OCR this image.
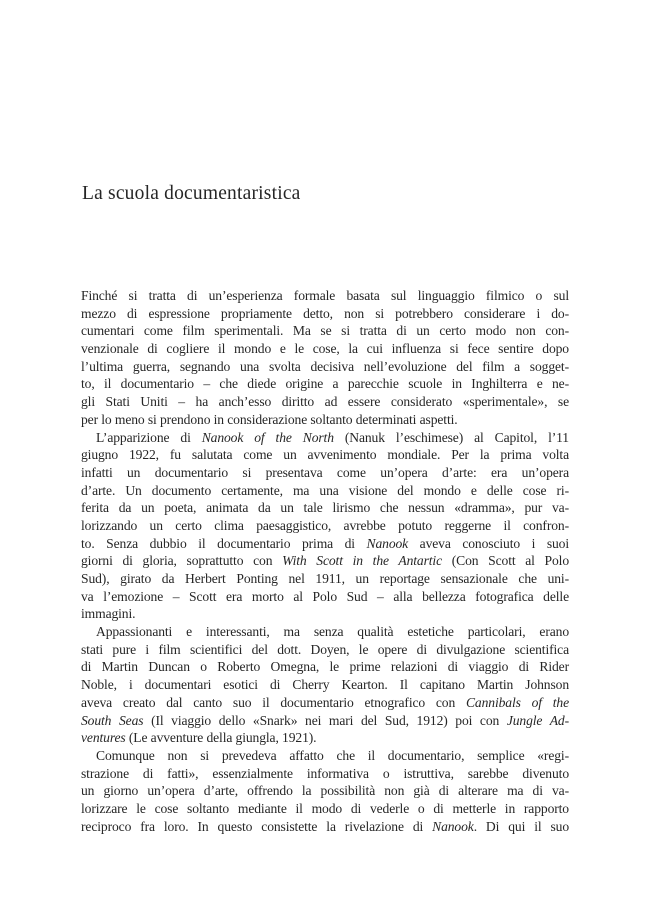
La scuola documentaristica
Finché si tratta di un’esperienza formale basata sul linguaggio filmico o sul
mezzo di espressione propriamente detto, non si potrebbero considerare i do-
cumentari come film sperimentali. Ma se si tratta di un certo modo non con-
venzionale di cogliere il mondo e le cose, la cui influenza si fece sentire dopo
l’ultima guerra, segnando una svolta decisiva nell’evoluzione del film a sogget-
to, il documentario – che diede origine a parecchie scuole in Inghilterra e ne-
gli Stati Uniti – ha anch’esso diritto ad essere considerato «sperimentale», se
per lo meno si prendono in considerazione soltanto determinati aspetti.
L’apparizione di Nanook of the North (Nanuk l’eschimese) al Capitol, l’11
giugno 1922, fu salutata come un avvenimento mondiale. Per la prima volta
infatti un documentario si presentava come un’opera d’arte: era un’opera
d’arte. Un documento certamente, ma una visione del mondo e delle cose ri-
ferita da un poeta, animata da un tale lirismo che nessun «dramma», pur va-
lorizzando un certo clima paesaggistico, avrebbe potuto reggerne il confron-
to. Senza dubbio il documentario prima di Nanook aveva conosciuto i suoi
giorni di gloria, soprattutto con With Scott in the Antartic (Con Scott al Polo
Sud), girato da Herbert Ponting nel 1911, un reportage sensazionale che uni-
va l’emozione – Scott era morto al Polo Sud – alla bellezza fotografica delle
immagini.
Appassionanti e interessanti, ma senza qualità estetiche particolari, erano
stati pure i film scientifici del dott. Doyen, le opere di divulgazione scientifica
di Martin Duncan o Roberto Omegna, le prime relazioni di viaggio di Rider
Noble, i documentari esotici di Cherry Kearton. Il capitano Martin Johnson
aveva creato dal canto suo il documentario etnografico con Cannibals of the
South Seas (Il viaggio dello «Snark» nei mari del Sud, 1912) poi con Jungle Ad-
ventures (Le avventure della giungla, 1921).
Comunque non si prevedeva affatto che il documentario, semplice «regi-
strazione di fatti», essenzialmente informativa o istruttiva, sarebbe divenuto
un giorno un’opera d’arte, offrendo la possibilità non già di alterare ma di va-
lorizzare le cose soltanto mediante il modo di vederle o di metterle in rapporto
reciproco fra loro. In questo consistette la rivelazione di Nanook. Di qui il suo
